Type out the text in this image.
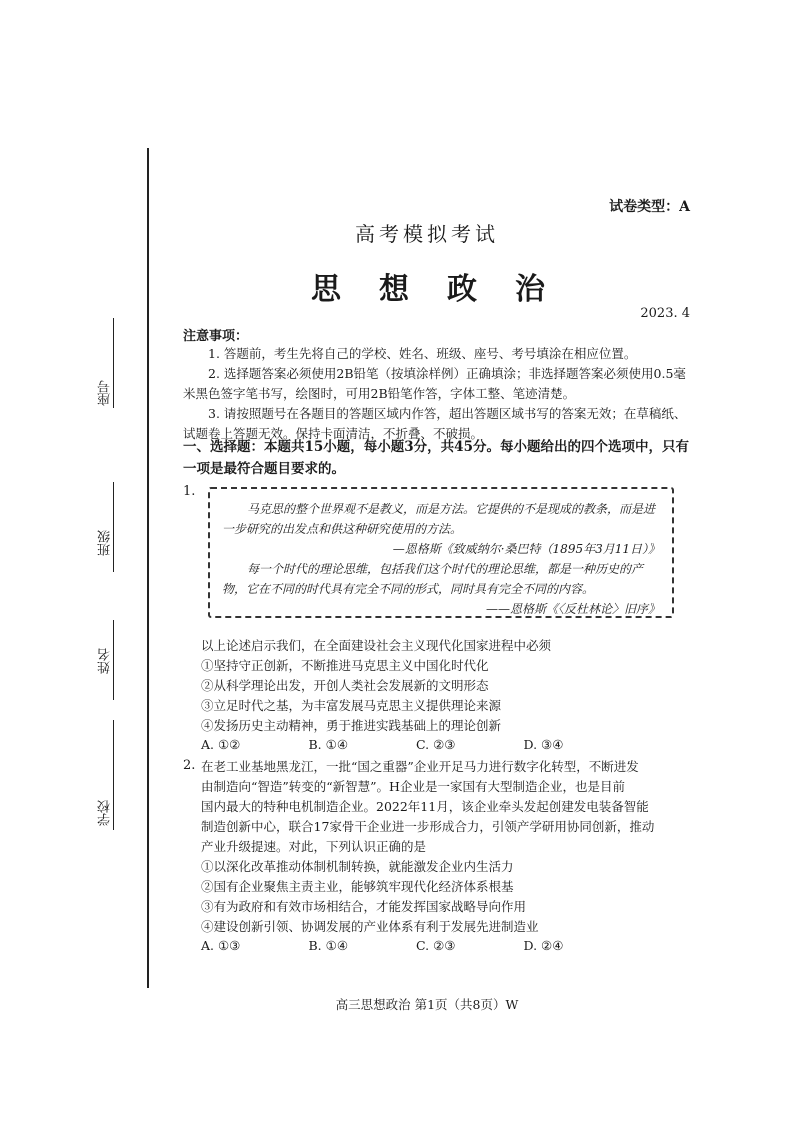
座号
班级
姓名
学校
试卷类型：A
高考模拟考试
思想政治
2023. 4
注意事项：
1. 答题前，考生先将自己的学校、姓名、班级、座号、考号填涂在相应位置。
2. 选择题答案必须使用2B铅笔（按填涂样例）正确填涂；非选择题答案必须使用0.5毫米黑色签字笔书写，绘图时，可用2B铅笔作答，字体工整、笔迹清楚。
3. 请按照题号在各题目的答题区域内作答，超出答题区域书写的答案无效；在草稿纸、试题卷上答题无效。保持卡面清洁，不折叠、不破损。
一、选择题：本题共15小题，每小题3分，共45分。每小题给出的四个选项中，只有一项是最符合题目要求的。
1.
马克思的整个世界观不是教义，而是方法。它提供的不是现成的教条，而是进一步研究的出发点和供这种研究使用的方法。
—恩格斯《致威纳尔·桑巴特（1895年3月11日）》
每一个时代的理论思维，包括我们这个时代的理论思维，都是一种历史的产物，它在不同的时代具有完全不同的形式，同时具有完全不同的内容。
——恩格斯《〈反杜林论〉旧序》
以上论述启示我们，在全面建设社会主义现代化国家进程中必须
①坚持守正创新，不断推进马克思主义中国化时代化
②从科学理论出发，开创人类社会发展新的文明形态
③立足时代之基，为丰富发展马克思主义提供理论来源
④发扬历史主动精神，勇于推进实践基础上的理论创新
A. ①②	B. ①④	C. ②③	D. ③④
2. 在老工业基地黑龙江，一批“国之重器”企业开足马力进行数字化转型，不断进发
由制造向“智造”转变的“新智慧”。H企业是一家国有大型制造企业，也是目前
国内最大的特种电机制造企业。2022年11月，该企业牵头发起创建发电装备智能
制造创新中心，联合17家骨干企业进一步形成合力，引领产学研用协同创新，推动
产业升级提速。对此，下列认识正确的是
①以深化改革推动体制机制转换，就能激发企业内生活力
②国有企业聚焦主责主业，能够筑牢现代化经济体系根基
③有为政府和有效市场相结合，才能发挥国家战略导向作用
④建设创新引领、协调发展的产业体系有利于发展先进制造业
A. ①③	B. ①④	C. ②③	D. ②④
高三思想政治 第1页（共8页）W
